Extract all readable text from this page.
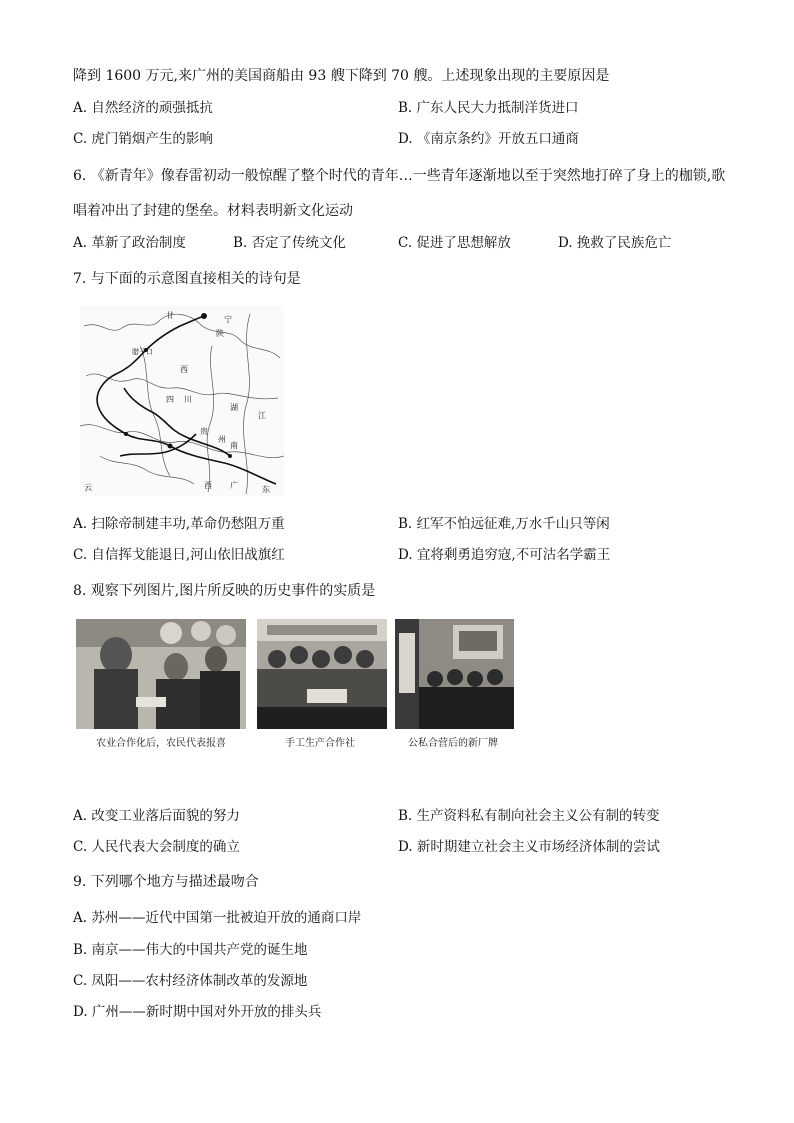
降到 1600 万元,来广州的美国商船由 93 艘下降到 70 艘。上述现象出现的主要原因是
A. 自然经济的顽强抵抗	B. 广东人民大力抵制洋货进口
C. 虎门销烟产生的影响	D. 《南京条约》开放五口通商
6. 《新青年》像春雷初动一般惊醒了整个时代的青年…一些青年逐渐地以至于突然地打碎了身上的枷锁,歌
唱着冲出了封建的堡垒。材料表明新文化运动
A. 革新了政治制度	B. 否定了传统文化	C. 促进了思想解放	D. 挽救了民族危亡
7. 与下面的示意图直接相关的诗句是
甘
陕
宁
腊子口
四 川
西
湖
江
贵
州
南
广
云	西	东
A. 扫除帝制建丰功,革命仍愁阻万重	B. 红军不怕远征难,万水千山只等闲
C. 自信挥戈能退日,河山依旧战旗红	D. 宜将剩勇追穷寇,不可沽名学霸王
8. 观察下列图片,图片所反映的历史事件的实质是
农业合作化后，农民代表报喜	手工生产合作社	公私合营后的新厂牌
A. 改变工业落后面貌的努力	B. 生产资料私有制向社会主义公有制的转变
C. 人民代表大会制度的确立	D. 新时期建立社会主义市场经济体制的尝试
9. 下列哪个地方与描述最吻合
A. 苏州——近代中国第一批被迫开放的通商口岸
B. 南京——伟大的中国共产党的诞生地
C. 凤阳——农村经济体制改革的发源地
D. 广州——新时期中国对外开放的排头兵
